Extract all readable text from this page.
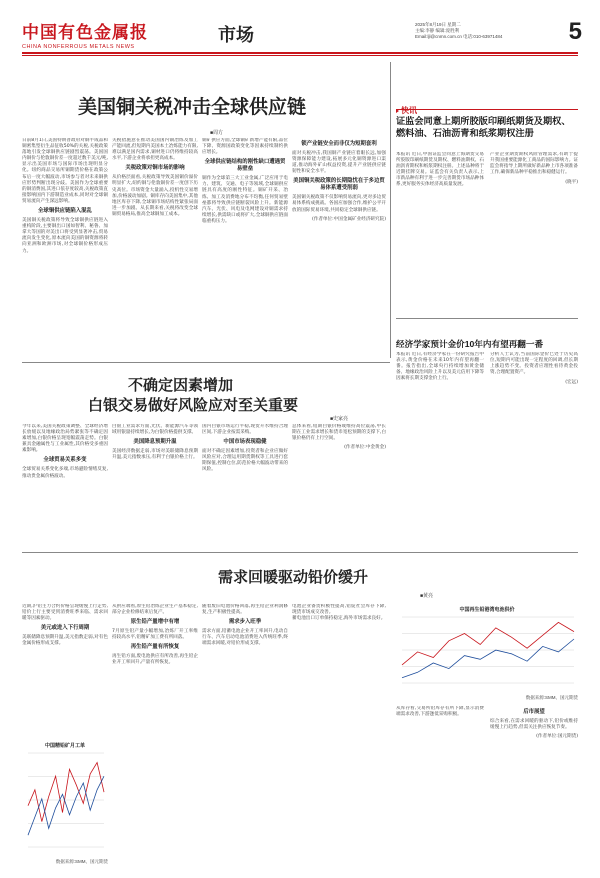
中国有色金属报
CHINA NONFERROUS METALS NEWS
市场
2025年8月19日 星期二
主编:李静 编辑:庞胜利
Email:ljl@cnmn.com.cn 电话:010-63971484	5
美国铜关税冲击全球供应链
■周方
日前8月1日,美国特朗普政府对铜半成品和铜密集型衍生品征收50%的关税,关税政策落地引发全球铜供应链剧烈震荡。美国国内铜价与伦敦铜价差一度超过数千美元/吨,显示出美国市场与国际市场出现明显分化。纽约商品交易所铜期货价格在政策公布后一度大幅波动,市场参与者对未来铜供应形势判断出现分歧。美国作为全球重要的铜消费国,其进口依存度较高,关税政策直接影响国内下游制造业成本,同时对全球铜贸易流向产生深远影响。
全球铜供应链陷入混乱
美国铜关税政策将导致全球铜供应链进入重构阶段,主要铜出口国如智利、秘鲁、加拿大等国的对美出口将受到显著冲击,贸易流向发生变化,原本流向美国的铜资源将转向亚洲和欧洲市场,对全球铜价格形成压力。
关税措施意在推动美国国内铜冶炼及加工产能回流,但短期内美国本土冶炼能力有限,难以满足国内需求,铜材进口仍将维持较高水平,下游企业将承担更高成本。
关税政策对铜市场的影响
从价格层面看,关税政策导致美国铜价溢价明显扩大,纽约铜与伦敦铜价差一度创下历史高位。市场资金大量涌入,投机性交易增加,价格波动加剧。铜库存向美国集中,其他地区库存下降,全球铜市场结构性紧张局面进一步加剧。从长期来看,关税将改变全球铜贸易格局,推高全球铜加工成本。
铜矿供应方面,全球铜矿新增产能有限,品位下降、资源国政策变化等因素持续制约供应增长。
全球供应链结构的刚性缺口遭遇贸易壁垒
铜作为全球第三大工业金属,广泛应用于电力、建筑、交通、电子等领域,全球铜供应链具有高度的刚性特征。铜矿开采、冶炼、加工及消费地分布不均衡,任何贸易壁垒都将导致供应链断裂风险上升。新能源汽车、光伏、风电及电网建设对铜需求持续增长,供需缺口或将扩大,全球铜供应链面临重构压力。
锁产业链安全而非仅为短期套利
面对关税冲击,我国铜产业链应着眼长远,加强资源保障能力建设,拓展多元化铜资源进口渠道,推动海外矿山权益投资,提升产业链供应链韧性和安全水平。
美国铜关税政策的长期隐忧在于多边贸易体系遭受削弱
美国铜关税政策不仅影响贸易流向,更对多边贸易体系构成挑战。各国应加强合作,维护公平开放的国际贸易环境,共同稳定全球铜供应链。
(作者单位:中国金属矿业经济研究院)
快讯
证监会同意上期所胶版印刷纸期货及期权、燃料油、石油沥青和纸浆期权注册
本报讯 近日,中国证监会同意上海期货交易所胶版印刷纸期货及期权、燃料油期权、石油沥青期权和纸浆期权注册。上述品种将于近期挂牌交易。证监会有关负责人表示,上市新品种有利于进一步完善期货市场品种体系,更好服务实体经济高质量发展。
产业企业期货期权风险管理需求,有助于提升我国重要能源化工商品的国际影响力。证监会将指导上期所做好新品种上市各项准备工作,确保新品种平稳推出和稳健运行。
(晓平)
经济学家预计金价10年内有望再翻一番
本报讯 近日,有经济学家在一份研究报告中表示,黄金价格在未来10年内有望再翻一番。报告指出,全球央行持续增加黄金储备、地缘政治风险上升以及美元信用下降等因素将长期支撑金价上行。
分析人士认为,当前国际金价已处于历史高位,短期内可能出现一定程度的回调,但长期上涨趋势不变。投资者应理性看待黄金投资,合理配置资产。
(宏远)
不确定因素增加
白银交易做好风险应对至关重要
■史家亮
今年以来,美国关税政策调整、全球经济增长放缓以及地缘政治局势紧张等不确定因素增加,白银价格呈现宽幅震荡走势。白银兼具金融属性与工业属性,其价格受多重因素影响。
全球贸易关系多变
全球贸易关系变化多端,市场避险情绪反复,推动贵金属价格波动。
白银工业需求方面,光伏、新能源汽车等领域用银量持续增长,为白银价格提供支撑。
美国降息预期升温
美国经济数据走弱,市场对美联储降息预期升温,美元指数承压,有利于白银价格上行。
国内白银市场运行平稳,现货升水维持合理区间,下游企业按需采购。
中国市场表现稳健
面对不确定因素增加,投资者和企业应做好风险应对,合理运用期货期权等工具进行套期保值,控制仓位,防范价格大幅波动带来的风险。
总体来看,短期白银价格或维持高位震荡,中长期在工业需求增长和货币宽松预期的支撑下,白银价格仍有上行空间。
(作者单位:中金黄金)
需求回暖驱动铅价缓升
■黄亮
近期,沪铅主力合约价格呈现缓慢上行走势,铅价上行主要受到消费旺季来临、需求回暖等因素驱动。
美元或进入下行周期
美联储降息预期升温,美元指数走弱,对有色金属价格形成支撑。
从供应端看,原生铅冶炼企业生产基本稳定,部分企业检修结束后复产。
原生铅产量增中有增
7月原生铅产量小幅增加,冶炼厂开工率维持较高水平,铅精矿加工费有所回落。
再生铅产量有所恢复
再生铅方面,废电池供应有所改善,再生铅企业开工率回升,产量有所恢复。
随着废旧电池价格回落,再生铅企业利润修复,生产积极性提高。
需求步入旺季
需求方面,铅蓄电池企业开工率回升,电动自行车、汽车启动电池消费进入传统旺季,终端需求回暖,对铅价形成支撑。
电池企业备货积极性提高,铅锭社会库存下降,现货市场成交改善。
蓄电池出口订单保持稳定,海外市场需求良好。
后市展望
综合来看,在需求回暖的驱动下,铅价或维持缓慢上行趋势,但需关注供应恢复节奏。
(作者单位:国元期货)
从库存看,交易所铅库存有所下降,显示消费端需求改善,下游逢低采购积极。
中国精铅矿月工单
数据来源:SMM、国元期货
中国再生铅港湾电池供价
数据来源:SMM、国元期货
